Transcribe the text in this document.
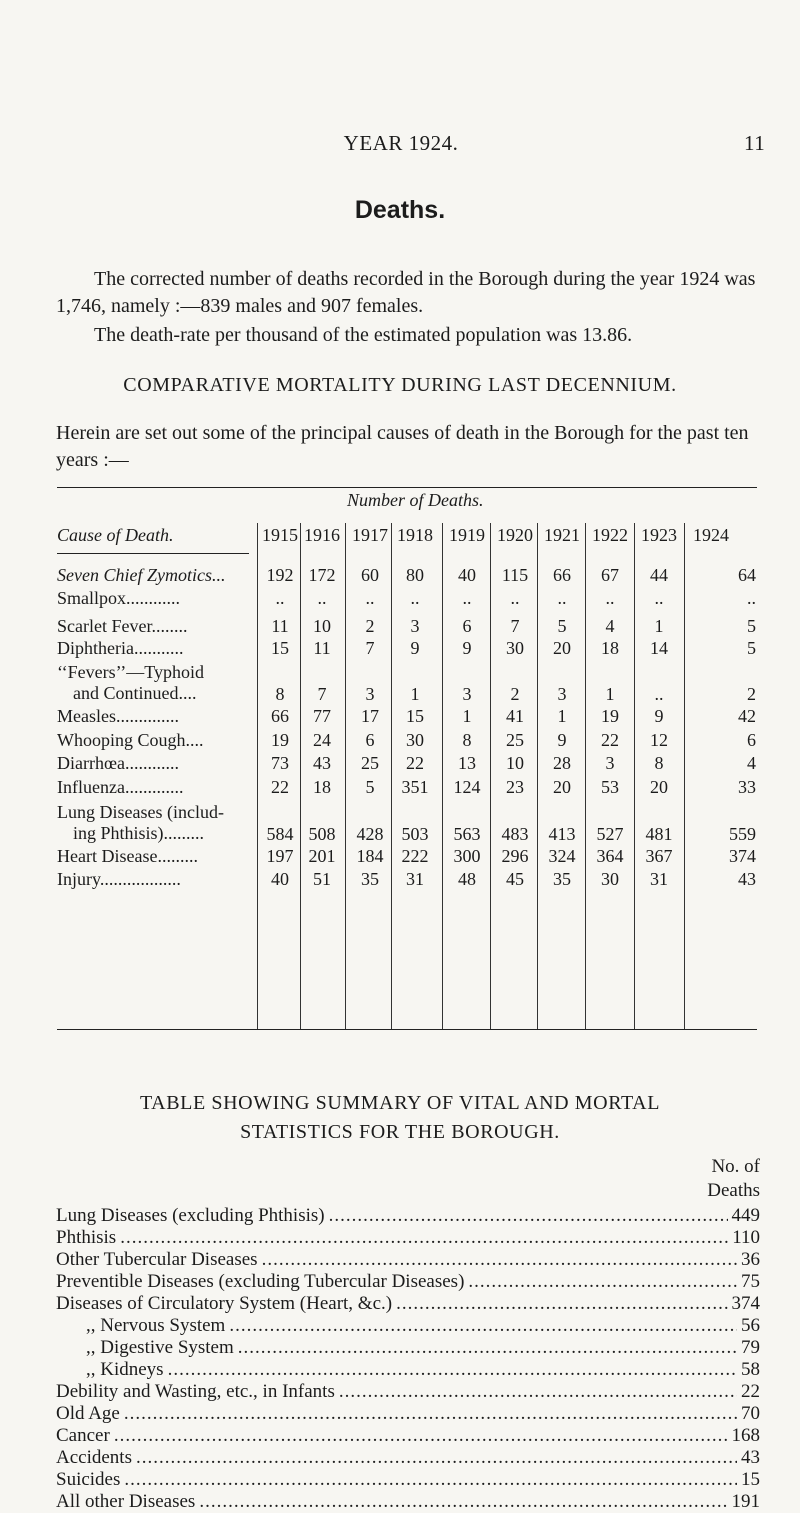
YEAR 1924.	11
Deaths.
The corrected number of deaths recorded in the Borough during the year 1924 was 1,746, namely :—839 males and 907 females.
The death-rate per thousand of the estimated population was 13.86.
COMPARATIVE MORTALITY DURING LAST DECENNIUM.
Herein are set out some of the principal causes of death in the Borough for the past ten years :—
Number of Deaths.
Cause of Death.	1915 1916 1917 1918 1919 1920 1921 1922 1923 1924
Seven Chief Zymotics...	192 172	60	80	40	115	66	67	44	64
Smallpox............	..	..	..	..	..	..	..	..	..	..
Scarlet Fever........	11	10	2	3	6	7	5	4	1	5
Diphtheria...........	15	11	7	9	9	30	20	18	14	5
‘‘Fevers’’—Typhoid
and Continued....	8	7	3	1	3	2	3	1	..	2
Measles..............	66	77	17	15	1	41	1	19	9	42
Whooping Cough....	19	24	6	30	8	25	9	22	12	6
Diarrhœa............	73	43	25	22	13	10	28	3	8	4
Influenza.............	22	18	5	351	124	23	20	53	20	33
Lung Diseases (includ-
ing Phthisis).........	584 508	428	503	563	483	413	527	481	559
Heart Disease.........	197 201	184	222	300	296	324	364	367	374
Injury..................	40	51	35	31	48	45	35	30	31	43
TABLE SHOWING SUMMARY OF VITAL AND MORTAL
STATISTICS FOR THE BOROUGH.
No. of
Deaths
Lung Diseases (excluding Phthisis) .....	449
Phthisis .....	110
Other Tubercular Diseases .....	36
Preventible Diseases (excluding Tubercular Diseases) .....	75
Diseases of Circulatory System (Heart, &c.) .....	374
,, Nervous System .....	56
,, Digestive System .....	79
,, Kidneys .....	58
Debility and Wasting, etc., in Infants .....	22
Old Age .....	70
Cancer .....	168
Accidents .....	43
Suicides .....	15
All other Diseases .....	191
